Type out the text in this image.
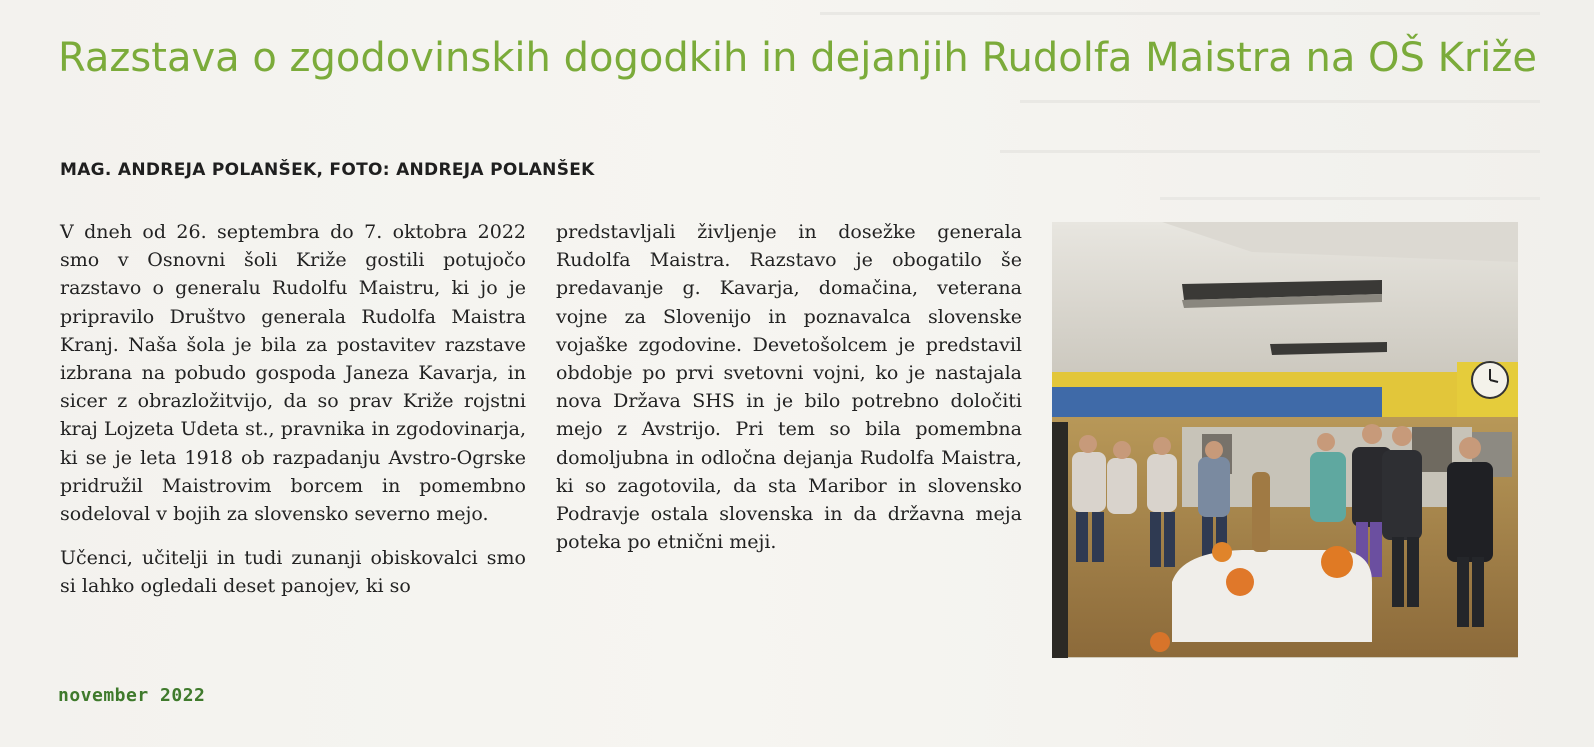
Razstava o zgodovinskih dogodkih in dejanjih Rudolfa Maistra na OŠ Križe
MAG. ANDREJA POLANŠEK, FOTO: ANDREJA POLANŠEK

V dneh od 26. septembra do 7. oktobra 2022 smo v Osnovni šoli Križe gostili potujočo razstavo o generalu Rudolfu Maistru, ki jo je pripravilo Društvo generala Rudolfa Maistra Kranj. Naša šola je bila za postavitev razstave izbrana na pobudo gospoda Janeza Kavarja, in sicer z obrazložitvijo, da so prav Križe rojstni kraj Lojzeta Udeta st., pravnika in zgodovinarja, ki se je leta 1918 ob razpadanju Avstro-Ogrske pridružil Maistrovim borcem in pomembno sodeloval v bojih za slovensko severno mejo.

Učenci, učitelji in tudi zunanji obiskovalci smo si lahko ogledali deset panojev, ki so

predstavljali življenje in dosežke generala Rudolfa Maistra. Razstavo je obogatilo še predavanje g. Kavarja, domačina, veterana vojne za Slovenijo in poznavalca slovenske vojaške zgodovine. Devetošolcem je predstavil obdobje po prvi svetovni vojni, ko je nastajala nova Država SHS in je bilo potrebno določiti mejo z Avstrijo. Pri tem so bila pomembna domoljubna in odločna dejanja Rudolfa Maistra, ki so zagotovila, da sta Maribor in slovensko Podravje ostala slovenska in da državna meja poteka po etnični meji.

november 2022
